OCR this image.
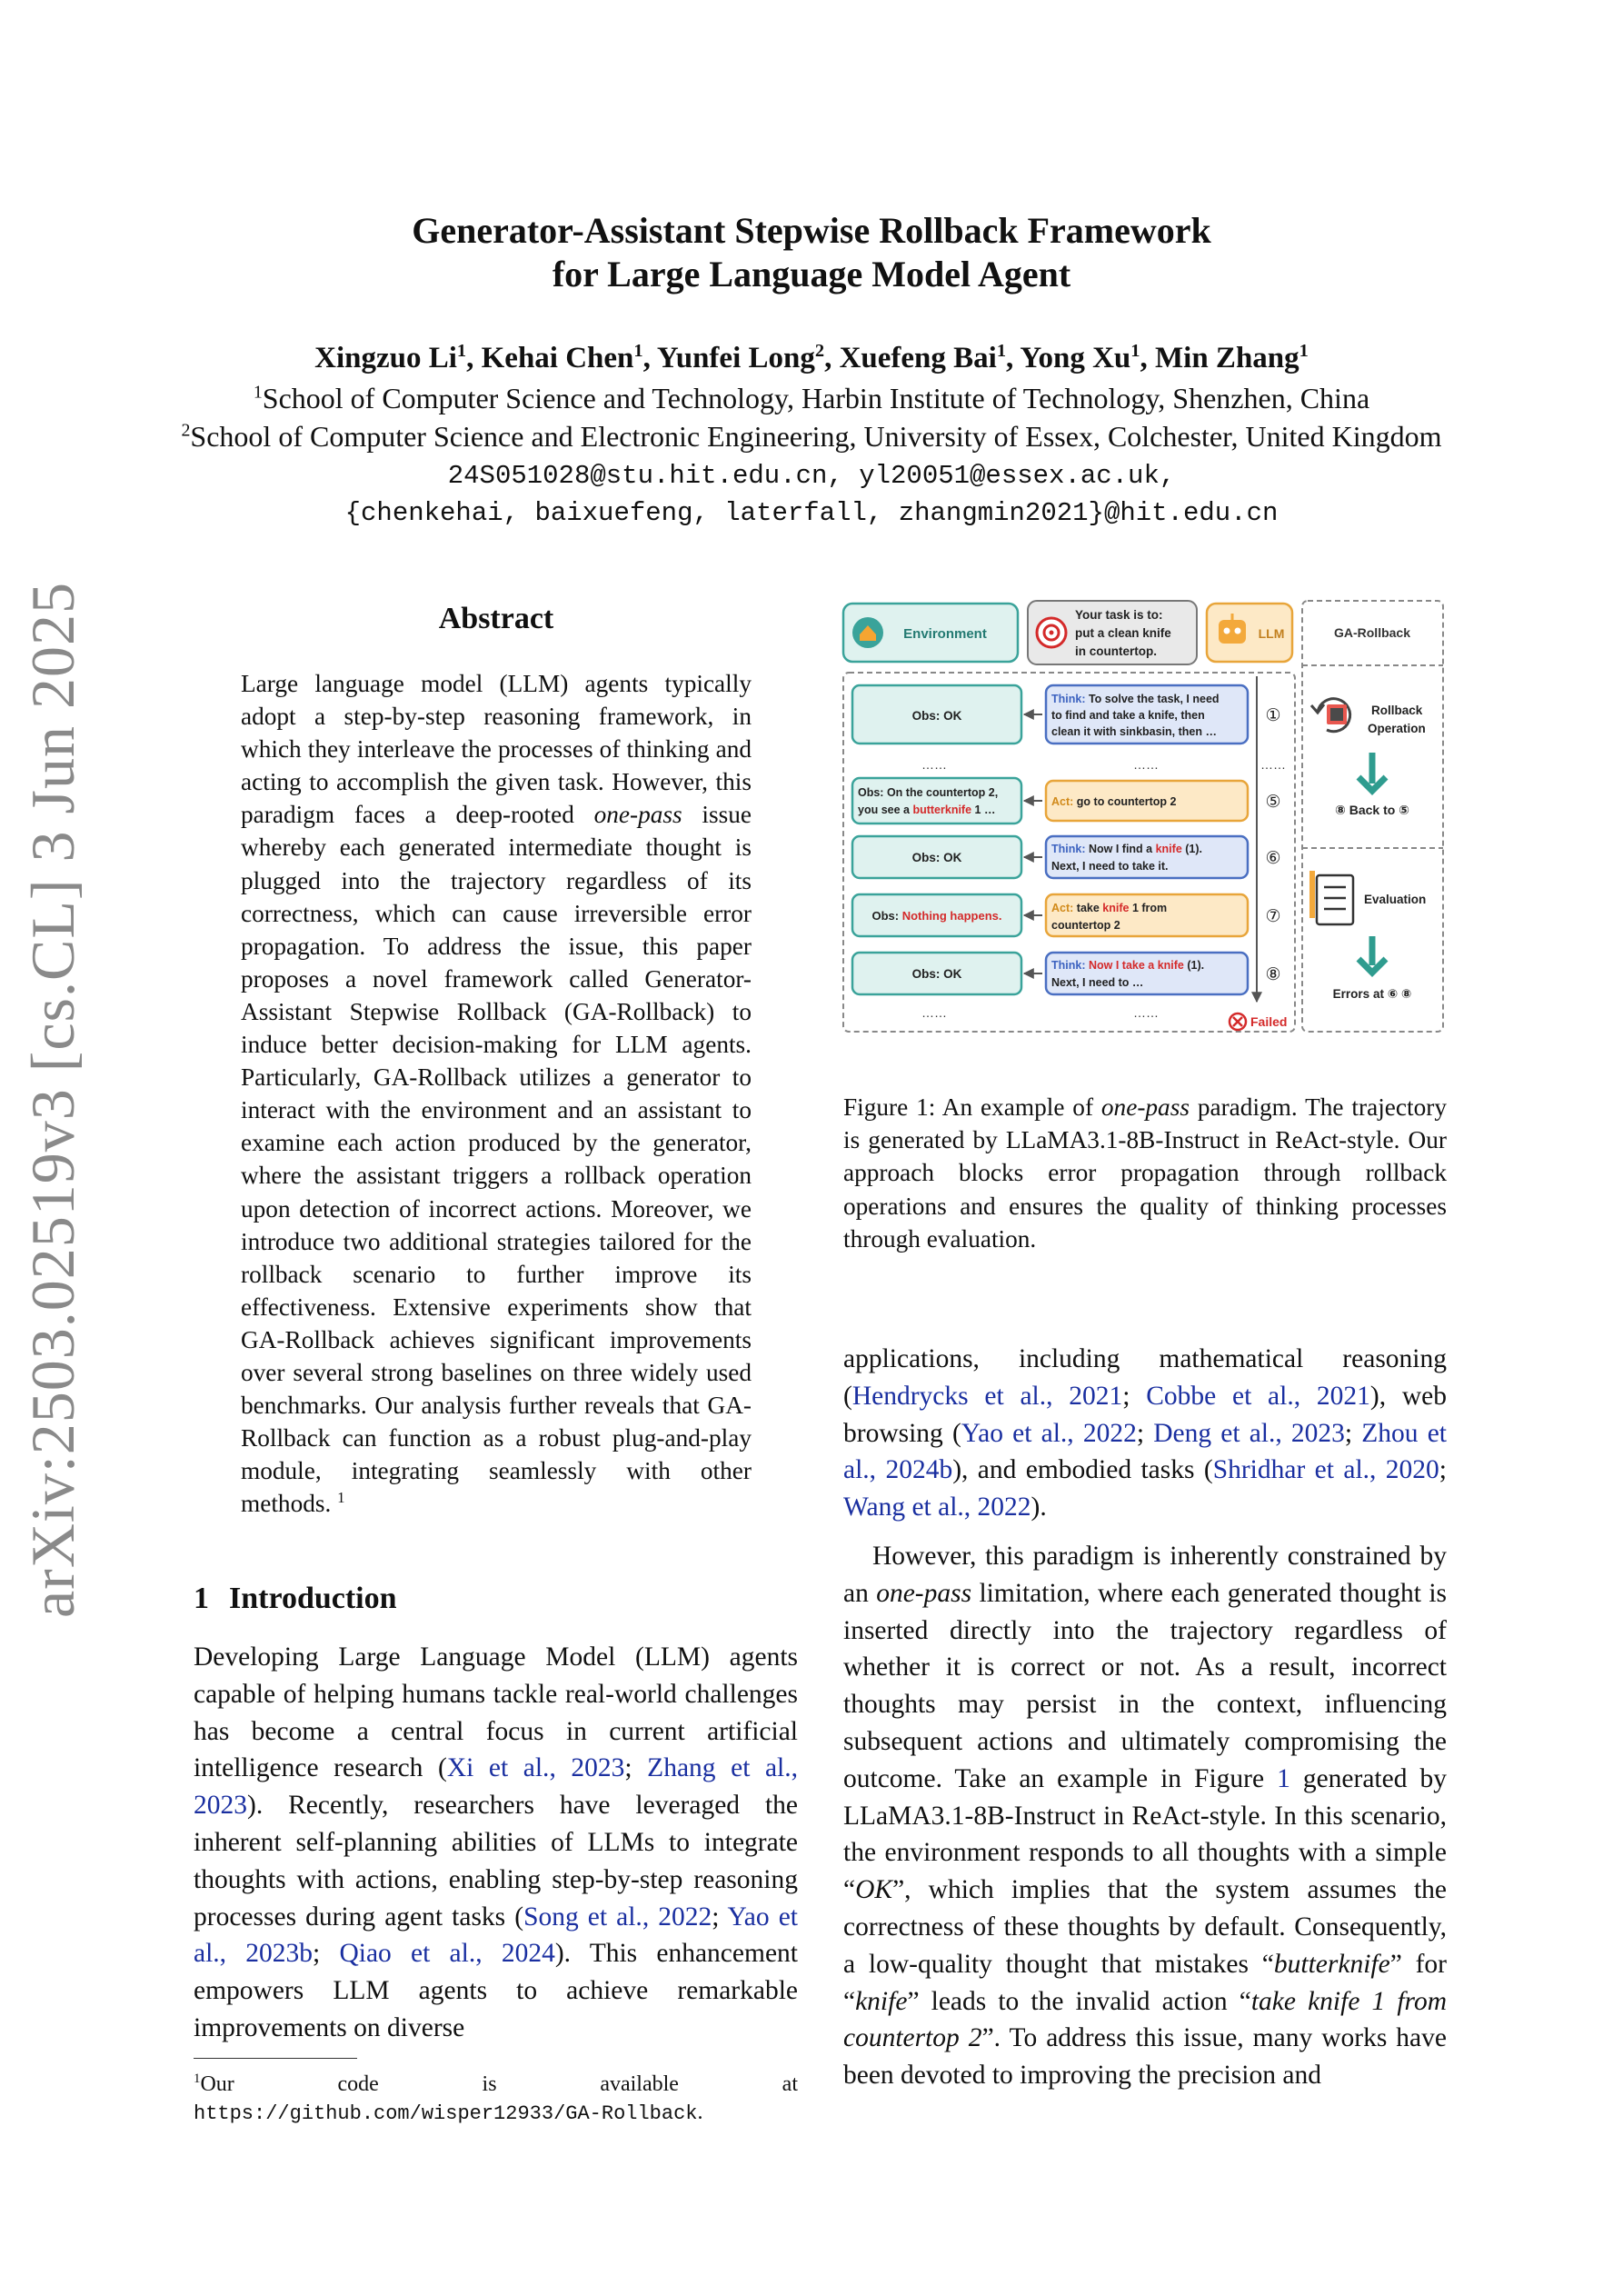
arXiv:2503.02519v3 [cs.CL] 3 Jun 2025
Generator-Assistant Stepwise Rollback Framework
for Large Language Model Agent
Xingzuo Li$^1$, Kehai Chen$^1$, Yunfei Long$^2$, Xuefeng Bai$^1$, Yong Xu$^1$, Min Zhang$^1$
$^1$School of Computer Science and Technology, Harbin Institute of Technology, Shenzhen, China
$^2$School of Computer Science and Electronic Engineering, University of Essex, Colchester, United Kingdom
24S051028@stu.hit.edu.cn, yl20051@essex.ac.uk,
{chenkehai, baixuefeng, laterfall, zhangmin2021}@hit.edu.cn
Abstract
Large language model (LLM) agents typically adopt a step-by-step reasoning framework, in which they interleave the processes of thinking and acting to accomplish the given task. However, this paradigm faces a deep-rooted one-pass issue whereby each generated intermediate thought is plugged into the trajectory regardless of its correctness, which can cause irreversible error propagation. To address the issue, this paper proposes a novel framework called Generator-Assistant Stepwise Rollback (GA-Rollback) to induce better decision-making for LLM agents. Particularly, GA-Rollback utilizes a generator to interact with the environment and an assistant to examine each action produced by the generator, where the assistant triggers a rollback operation upon detection of incorrect actions. Moreover, we introduce two additional strategies tailored for the rollback scenario to further improve its effectiveness. Extensive experiments show that GA-Rollback achieves significant improvements over several strong baselines on three widely used benchmarks. Our analysis further reveals that GA-Rollback can function as a robust plug-and-play module, integrating seamlessly with other methods. $^1$
1 Introduction
Developing Large Language Model (LLM) agents capable of helping humans tackle real-world challenges has become a central focus in current artificial intelligence research (Xi et al., 2023; Zhang et al., 2023). Recently, researchers have leveraged the inherent self-planning abilities of LLMs to integrate thoughts with actions, enabling step-by-step reasoning processes during agent tasks (Song et al., 2022; Yao et al., 2023b; Qiao et al., 2024). This enhancement empowers LLM agents to achieve remarkable improvements on diverse
$^1$Our code is available at https://github.com/wisper12933/GA-Rollback.
Environment
Your task is to:
put a clean knife
in countertop.
LLM	GA-Rollback
Obs: OK
Think: To solve the task, I need
to find and take a knife, then
clean it with sinkbasin, then …
①
……	……	……
Obs: On the countertop 2,
you see a butterknife 1 …
Act: go to countertop 2	⑤
Obs: OK
Think: Now I find a knife (1).
Next, I need to take it.	⑥
Obs: Nothing happens.
Act: take knife 1 from
countertop 2	⑦
Obs: OK
Think: Now I take a knife (1).
Next, I need to …	⑧
……	……
Failed
Rollback
Operation
⑧ Back to ⑤
Evaluation
Errors at ⑥ ⑧
Figure 1: An example of one-pass paradigm. The trajectory is generated by LLaMA3.1-8B-Instruct in ReAct-style. Our approach blocks error propagation through rollback operations and ensures the quality of thinking processes through evaluation.
applications, including mathematical reasoning (Hendrycks et al., 2021; Cobbe et al., 2021), web browsing (Yao et al., 2022; Deng et al., 2023; Zhou et al., 2024b), and embodied tasks (Shridhar et al., 2020; Wang et al., 2022).
However, this paradigm is inherently constrained by an one-pass limitation, where each generated thought is inserted directly into the trajectory regardless of whether it is correct or not. As a result, incorrect thoughts may persist in the context, influencing subsequent actions and ultimately compromising the outcome. Take an example in Figure 1 generated by LLaMA3.1-8B-Instruct in ReAct-style. In this scenario, the environment responds to all thoughts with a simple “OK”, which implies that the system assumes the correctness of these thoughts by default. Consequently, a low-quality thought that mistakes “butterknife” for “knife” leads to the invalid action “take knife 1 from countertop 2”. To address this issue, many works have been devoted to improving the precision and
